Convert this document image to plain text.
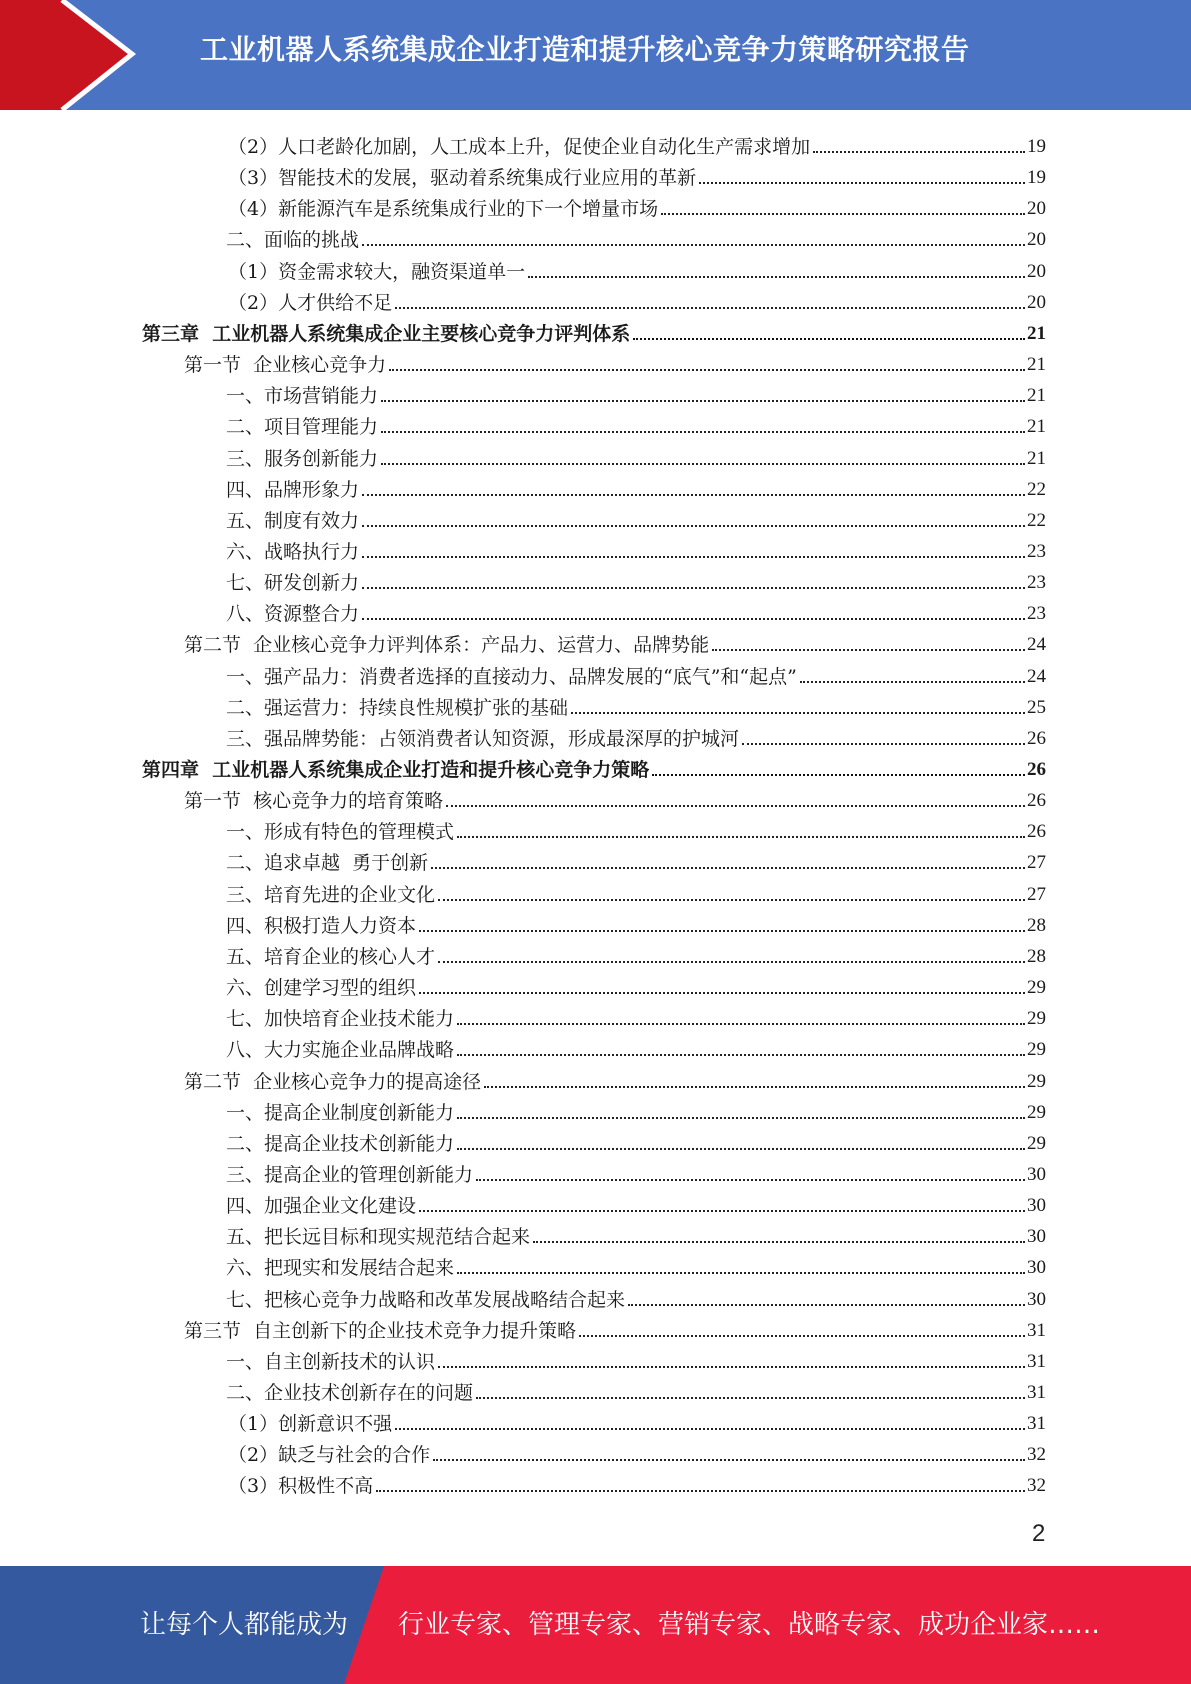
工业机器人系统集成企业打造和提升核心竞争力策略研究报告
（2）人口老龄化加剧，人工成本上升，促使企业自动化生产需求增加	19
（3）智能技术的发展，驱动着系统集成行业应用的革新	19
（4）新能源汽车是系统集成行业的下一个增量市场	20
二、面临的挑战	20
（1）资金需求较大，融资渠道单一	20
（2）人才供给不足	20
第三章  工业机器人系统集成企业主要核心竞争力评判体系	21
第一节  企业核心竞争力	21
一、市场营销能力	21
二、项目管理能力	21
三、服务创新能力	21
四、品牌形象力	22
五、制度有效力	22
六、战略执行力	23
七、研发创新力	23
八、资源整合力	23
第二节  企业核心竞争力评判体系：产品力、运营力、品牌势能	24
一、强产品力：消费者选择的直接动力、品牌发展的“底气”和“起点”	24
二、强运营力：持续良性规模扩张的基础	25
三、强品牌势能：占领消费者认知资源，形成最深厚的护城河	26
第四章  工业机器人系统集成企业打造和提升核心竞争力策略	26
第一节  核心竞争力的培育策略	26
一、形成有特色的管理模式	26
二、追求卓越  勇于创新	27
三、培育先进的企业文化	27
四、积极打造人力资本	28
五、培育企业的核心人才	28
六、创建学习型的组织	29
七、加快培育企业技术能力	29
八、大力实施企业品牌战略	29
第二节  企业核心竞争力的提高途径	29
一、提高企业制度创新能力	29
二、提高企业技术创新能力	29
三、提高企业的管理创新能力	30
四、加强企业文化建设	30
五、把长远目标和现实规范结合起来	30
六、把现实和发展结合起来	30
七、把核心竞争力战略和改革发展战略结合起来	30
第三节  自主创新下的企业技术竞争力提升策略	31
一、自主创新技术的认识	31
二、企业技术创新存在的问题	31
（1）创新意识不强	31
（2）缺乏与社会的合作	32
（3）积极性不高	32
2
让每个人都能成为 行业专家、管理专家、营销专家、战略专家、成功企业家……
